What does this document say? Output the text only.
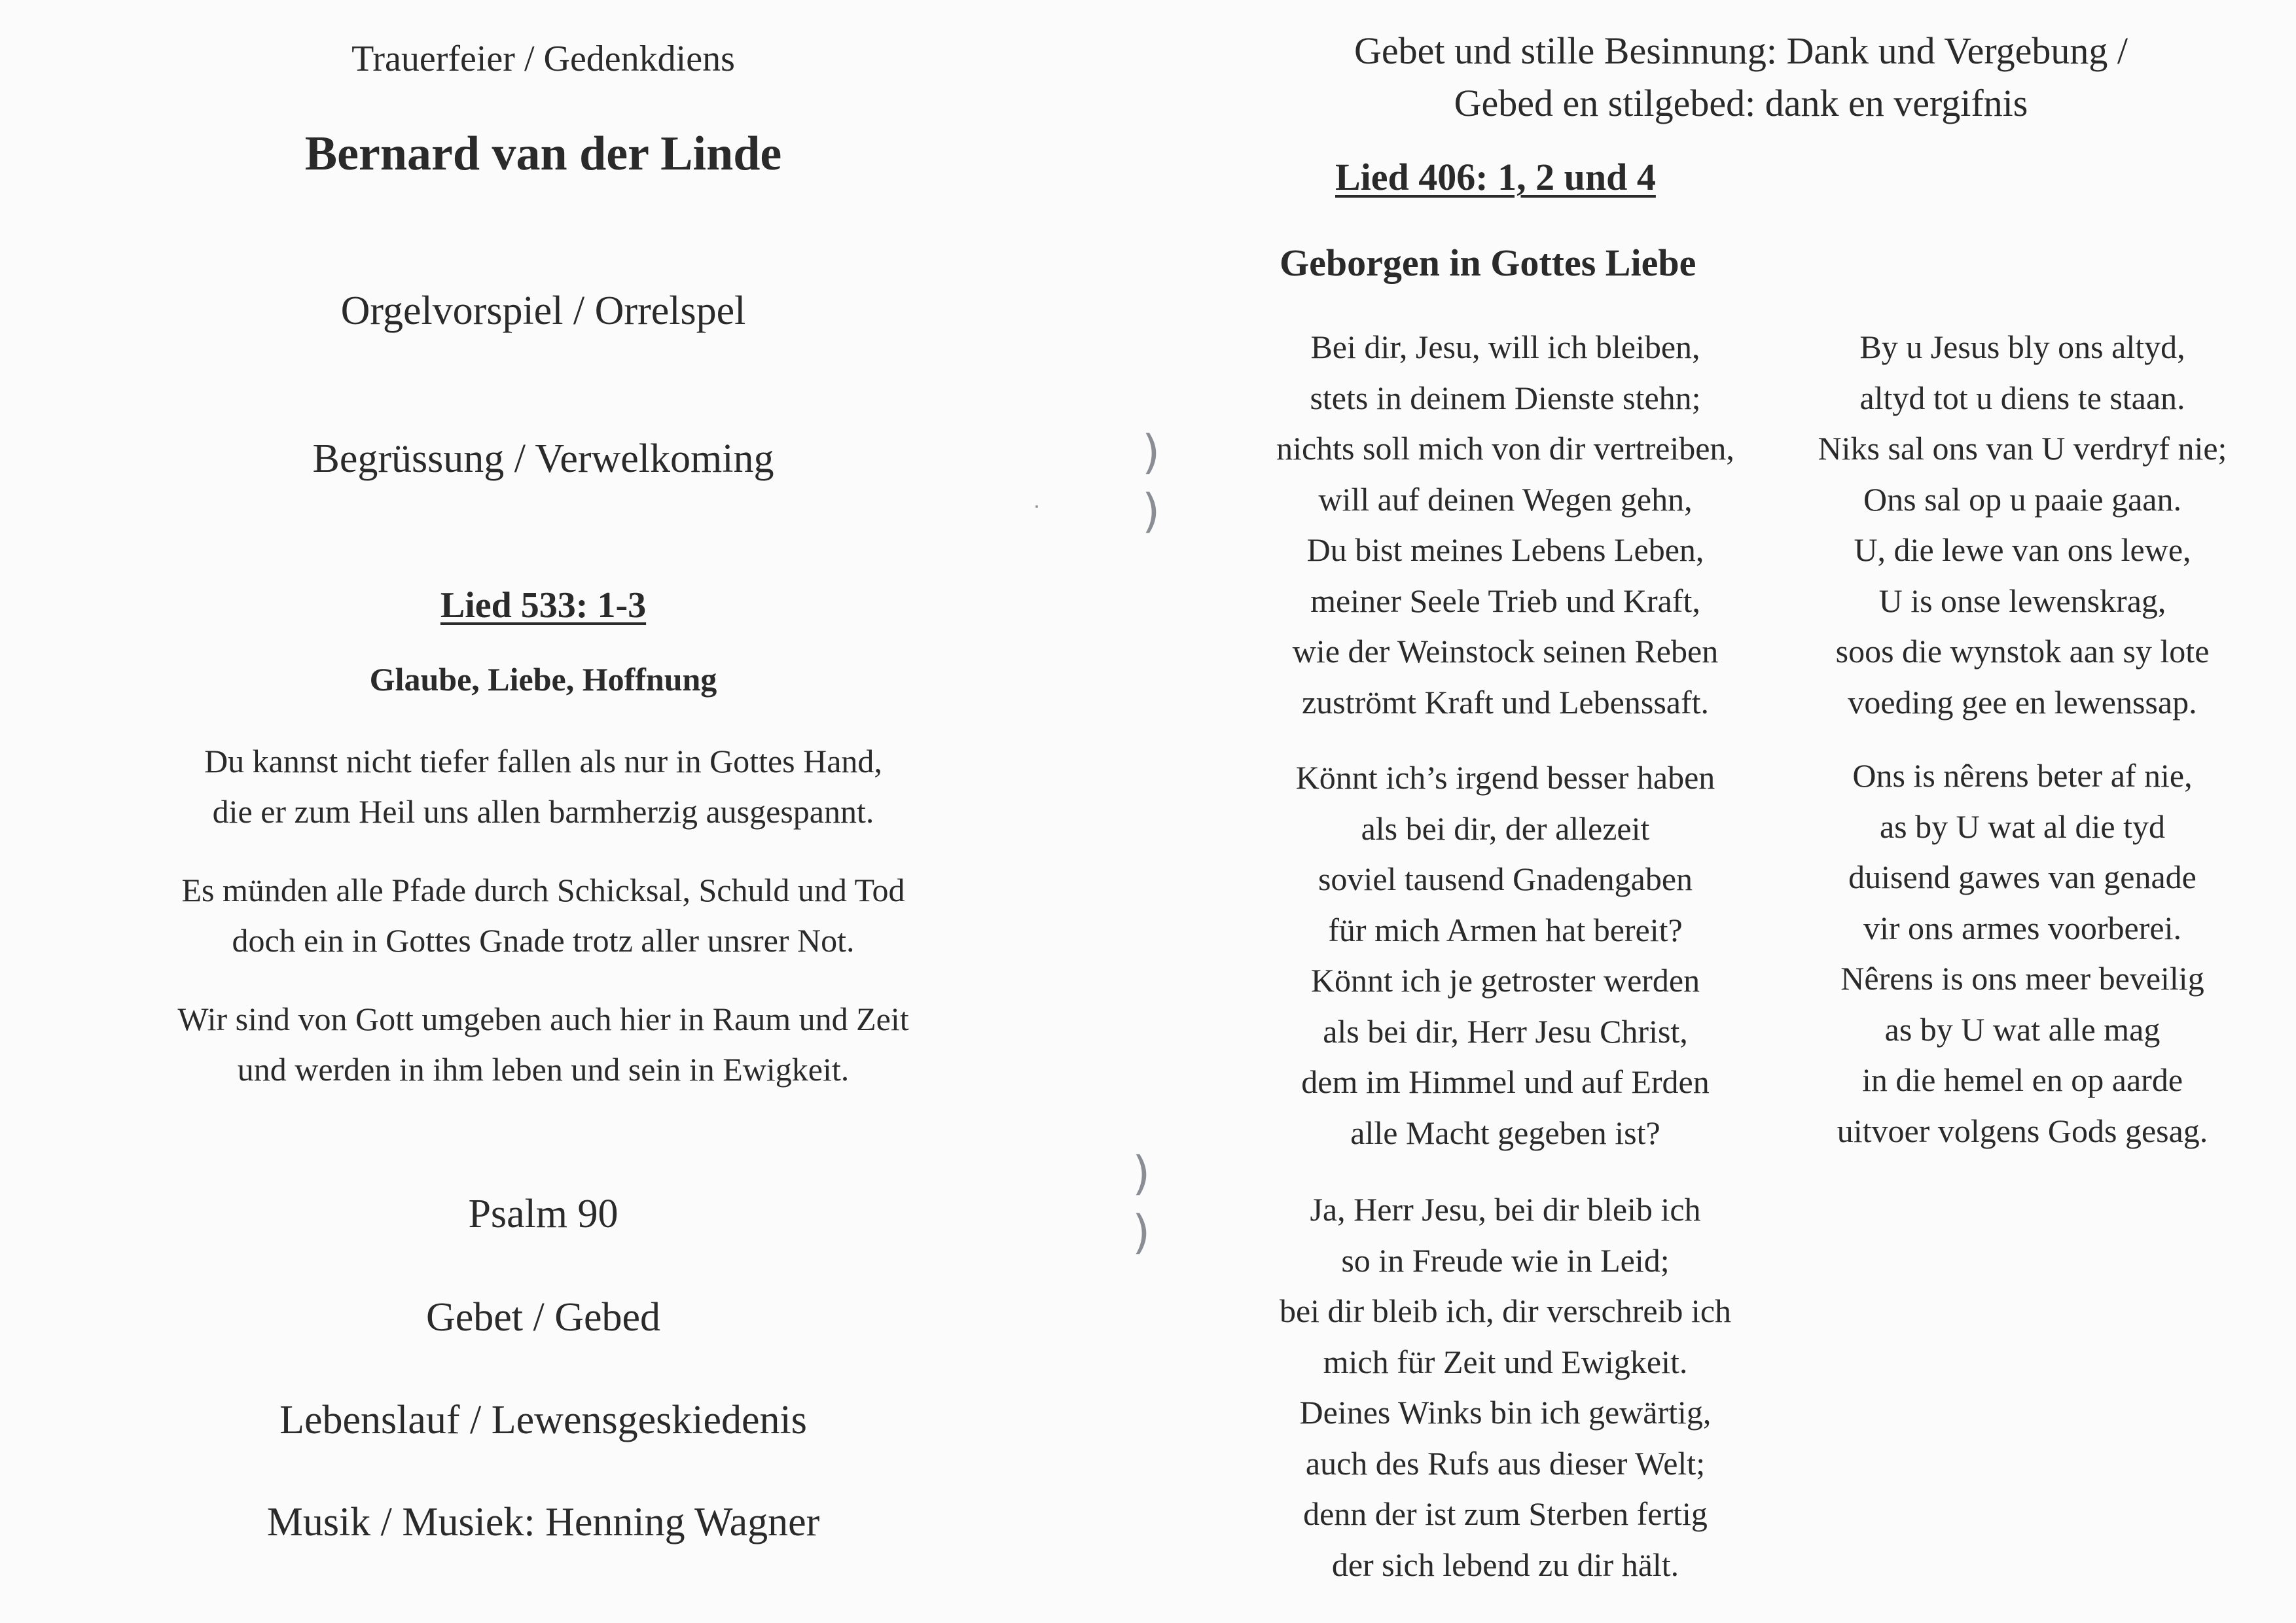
Trauerfeier / Gedenkdiens
Bernard van der Linde
Orgelvorspiel / Orrelspel
Begrüssung / Verwelkoming
Lied 533: 1-3
Glaube, Liebe, Hoffnung
Du kannst nicht tiefer fallen als nur in Gottes Hand,
die er zum Heil uns allen barmherzig ausgespannt.
Es münden alle Pfade durch Schicksal, Schuld und Tod
doch ein in Gottes Gnade trotz aller unsrer Not.
Wir sind von Gott umgeben auch hier in Raum und Zeit
und werden in ihm leben und sein in Ewigkeit.
Psalm 90
Gebet / Gebed
Lebenslauf / Lewensgeskiedenis
Musik / Musiek: Henning Wagner
)
)
)
)
Gebet und stille Besinnung: Dank und Vergebung /
Gebed en stilgebed: dank en vergifnis
Lied 406: 1, 2 und 4
Geborgen in Gottes Liebe
Bei dir, Jesu, will ich bleiben,
stets in deinem Dienste stehn;
nichts soll mich von dir vertreiben,
will auf deinen Wegen gehn,
Du bist meines Lebens Leben,
meiner Seele Trieb und Kraft,
wie der Weinstock seinen Reben
zuströmt Kraft und Lebenssaft.
Könnt ich’s irgend besser haben
als bei dir, der allezeit
soviel tausend Gnadengaben
für mich Armen hat bereit?
Könnt ich je getroster werden
als bei dir, Herr Jesu Christ,
dem im Himmel und auf Erden
alle Macht gegeben ist?
Ja, Herr Jesu, bei dir bleib ich
so in Freude wie in Leid;
bei dir bleib ich, dir verschreib ich
mich für Zeit und Ewigkeit.
Deines Winks bin ich gewärtig,
auch des Rufs aus dieser Welt;
denn der ist zum Sterben fertig
der sich lebend zu dir hält.
By u Jesus bly ons altyd,
altyd tot u diens te staan.
Niks sal ons van U verdryf nie;
Ons sal op u paaie gaan.
U, die lewe van ons lewe,
U is onse lewenskrag,
soos die wynstok aan sy lote
voeding gee en lewenssap.
Ons is nêrens beter af nie,
as by U wat al die tyd
duisend gawes van genade
vir ons armes voorberei.
Nêrens is ons meer beveilig
as by U wat alle mag
in die hemel en op aarde
uitvoer volgens Gods gesag.
